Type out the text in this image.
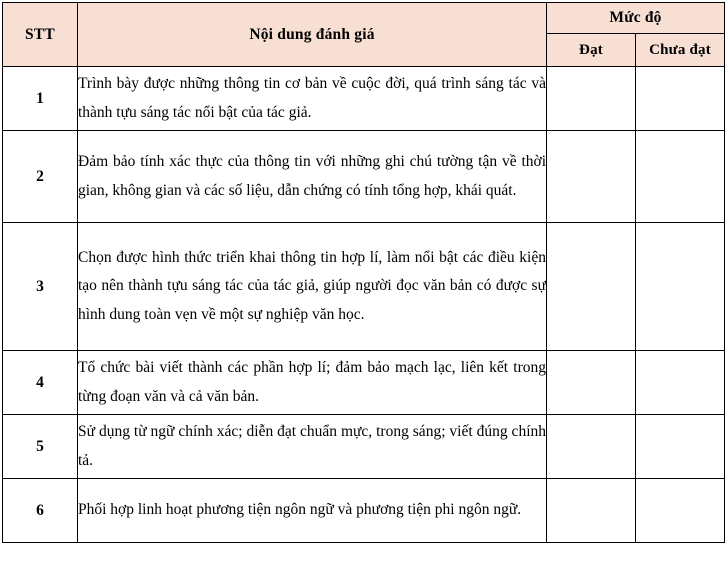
STT	Nội dung đánh giá	Mức độ	
		Đạt	Chưa đạt
1	Trình bày được những thông tin cơ bản về cuộc đời, quá trình sáng tác và thành tựu sáng tác nổi bật của tác giả.		
2	Đảm bảo tính xác thực của thông tin với những ghi chú tường tận về thời gian, không gian và các số liệu, dẫn chứng có tính tổng hợp, khái quát.		
3	Chọn được hình thức triển khai thông tin hợp lí, làm nổi bật các điều kiện tạo nên thành tựu sáng tác của tác giả, giúp người đọc văn bản có được sự hình dung toàn vẹn về một sự nghiệp văn học.		
4	Tổ chức bài viết thành các phần hợp lí; đảm bảo mạch lạc, liên kết trong từng đoạn văn và cả văn bản.		
5	Sử dụng từ ngữ chính xác; diễn đạt chuẩn mực, trong sáng; viết đúng chính tả.		
6	Phối hợp linh hoạt phương tiện ngôn ngữ và phương tiện phi ngôn ngữ.		
